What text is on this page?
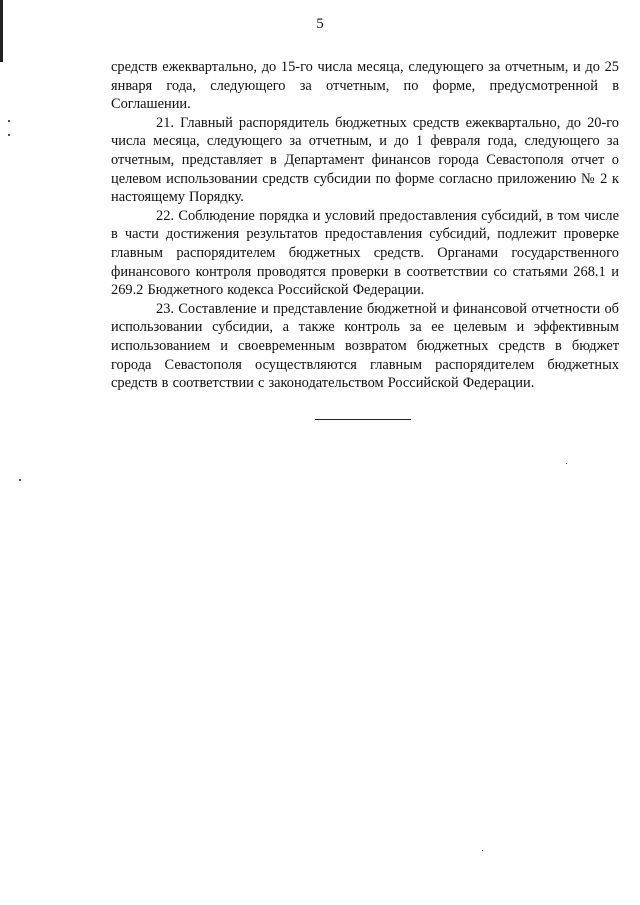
5

средств ежеквартально, до 15-го числа месяца, следующего за отчетным, и до 25 января года, следующего за отчетным, по форме, предусмотренной в Соглашении.

21. Главный распорядитель бюджетных средств ежеквартально, до 20-го числа месяца, следующего за отчетным, и до 1 февраля года, следующего за отчетным, представляет в Департамент финансов города Севастополя отчет о целевом использовании средств субсидии по форме согласно приложению № 2 к настоящему Порядку.

22. Соблюдение порядка и условий предоставления субсидий, в том числе в части достижения результатов предоставления субсидий, подлежит проверке главным распорядителем бюджетных средств. Органами государственного финансового контроля проводятся проверки в соответствии со статьями 268.1 и 269.2 Бюджетного кодекса Российской Федерации.

23. Составление и представление бюджетной и финансовой отчетности об использовании субсидии, а также контроль за ее целевым и эффективным использованием и своевременным возвратом бюджетных средств в бюджет города Севастополя осуществляются главным распорядителем бюджетных средств в соответствии с законодательством Российской Федерации.
